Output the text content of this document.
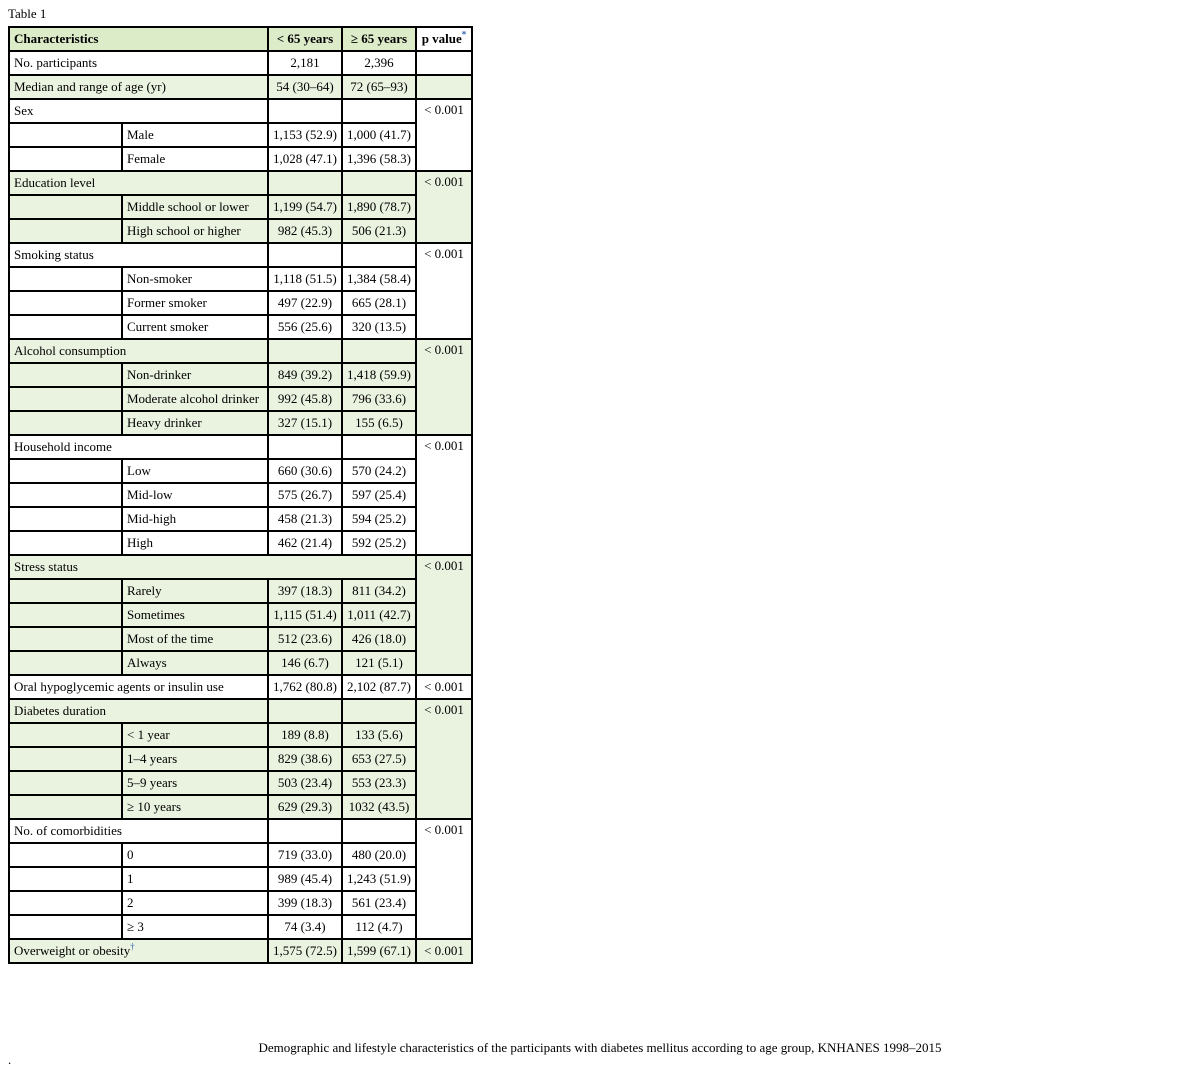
Table 1
Characteristics		< 65 years	≥ 65 years	p value*
No. participants		2,181	2,396	
Median and range of age (yr)		54 (30–64)	72 (65–93)	
Sex				< 0.001
	Male	1,153 (52.9)	1,000 (41.7)	
	Female	1,028 (47.1)	1,396 (58.3)	
Education level				< 0.001
	Middle school or lower	1,199 (54.7)	1,890 (78.7)	
	High school or higher	982 (45.3)	506 (21.3)	
Smoking status				< 0.001
	Non-smoker	1,118 (51.5)	1,384 (58.4)	
	Former smoker	497 (22.9)	665 (28.1)	
	Current smoker	556 (25.6)	320 (13.5)	
Alcohol consumption				< 0.001
	Non-drinker	849 (39.2)	1,418 (59.9)	
	Moderate alcohol drinker	992 (45.8)	796 (33.6)	
	Heavy drinker	327 (15.1)	155 (6.5)	
Household income				< 0.001
	Low	660 (30.6)	570 (24.2)	
	Mid-low	575 (26.7)	597 (25.4)	
	Mid-high	458 (21.3)	594 (25.2)	
	High	462 (21.4)	592 (25.2)	
Stress status				< 0.001
	Rarely	397 (18.3)	811 (34.2)	
	Sometimes	1,115 (51.4)	1,011 (42.7)	
	Most of the time	512 (23.6)	426 (18.0)	
	Always	146 (6.7)	121 (5.1)	
Oral hypoglycemic agents or insulin use		1,762 (80.8)	2,102 (87.7)	< 0.001
Diabetes duration				< 0.001
	< 1 year	189 (8.8)	133 (5.6)	
	1–4 years	829 (38.6)	653 (27.5)	
	5–9 years	503 (23.4)	553 (23.3)	
	≥ 10 years	629 (29.3)	1032 (43.5)	
No. of comorbidities				< 0.001
	0	719 (33.0)	480 (20.0)	
	1	989 (45.4)	1,243 (51.9)	
	2	399 (18.3)	561 (23.4)	
	≥ 3	74 (3.4)	112 (4.7)	
Overweight or obesity†		1,575 (72.5)	1,599 (67.1)	< 0.001
Demographic and lifestyle characteristics of the participants with diabetes mellitus according to age group, KNHANES 1998–2015
.
